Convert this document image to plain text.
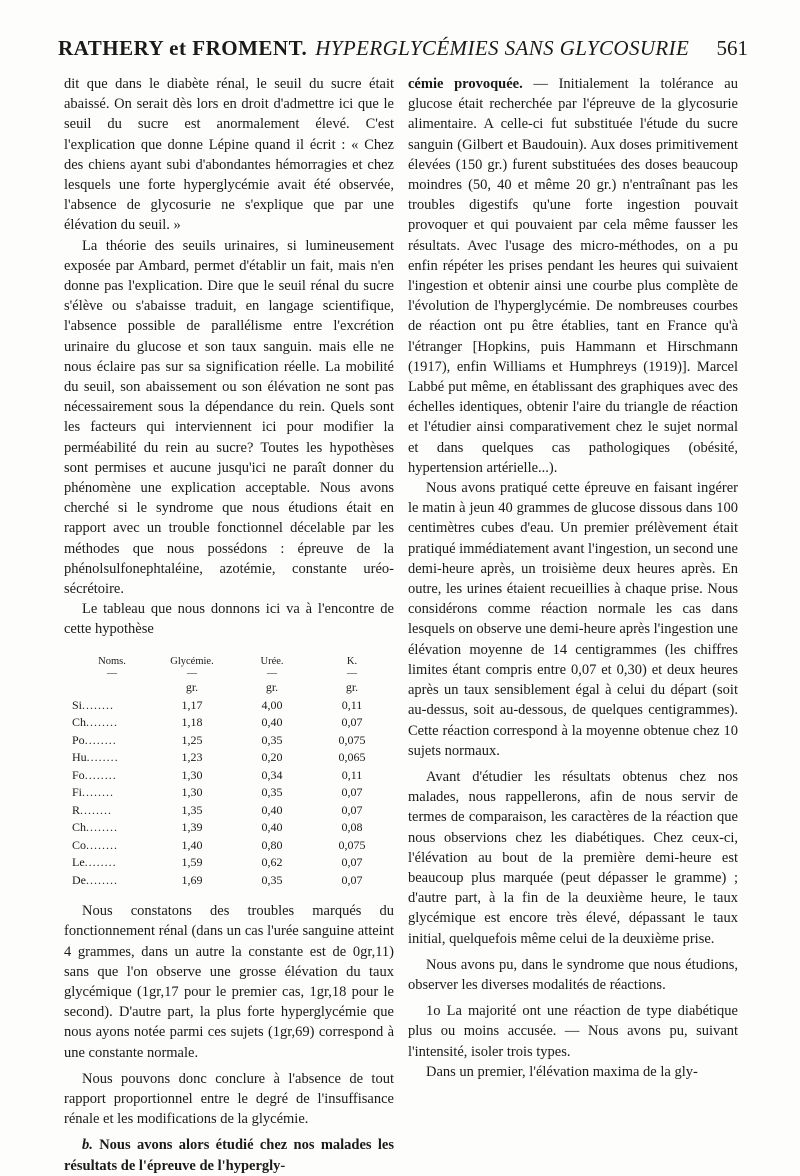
RATHERY et FROMENT. HYPERGLYCÉMIES SANS GLYCOSURIE 561

dit que dans le diabète rénal, le seuil du sucre était abaissé. On serait dès lors en droit d'admettre ici que le seuil du sucre est anormalement élevé. C'est l'explication que donne Lépine quand il écrit : « Chez des chiens ayant subi d'abondantes hémorragies et chez lesquels une forte hyperglycémie avait été observée, l'absence de glycosurie ne s'explique que par une élévation du seuil. »

La théorie des seuils urinaires, si lumineusement exposée par Ambard, permet d'établir un fait, mais n'en donne pas l'explication. Dire que le seuil rénal du sucre s'élève ou s'abaisse traduit, en langage scientifique, l'absence possible de parallélisme entre l'excrétion urinaire du glucose et son taux sanguin. mais elle ne nous éclaire pas sur sa signification réelle. La mobilité du seuil, son abaissement ou son élévation ne sont pas nécessairement sous la dépendance du rein. Quels sont les facteurs qui interviennent ici pour modifier la perméabilité du rein au sucre? Toutes les hypothèses sont permises et aucune jusqu'ici ne paraît donner du phénomène une explication acceptable. Nous avons cherché si le syndrome que nous étudions était en rapport avec un trouble fonctionnel décelable par les méthodes que nous possédons : épreuve de la phénolsulfonephtaléine, azotémie, constante uréo-sécrétoire.

Le tableau que nous donnons ici va à l'encontre de cette hypothèse

Noms.	Glycémie.	Urée.	K.
—	—	—	—
	gr.	gr.	gr.
Si........	1,17	4,00	0,11
Ch........	1,18	0,40	0,07
Po........	1,25	0,35	0,075
Hu........	1,23	0,20	0,065
Fo........	1,30	0,34	0,11
Fi........	1,30	0,35	0,07
R........	1,35	0,40	0,07
Ch........	1,39	0,40	0,08
Co........	1,40	0,80	0,075
Le........	1,59	0,62	0,07
De........	1,69	0,35	0,07

Nous constatons des troubles marqués du fonctionnement rénal (dans un cas l'urée sanguine atteint 4 grammes, dans un autre la constante est de 0gr,11) sans que l'on observe une grosse élévation du taux glycémique (1gr,17 pour le premier cas, 1gr,18 pour le second). D'autre part, la plus forte hyperglycémie que nous ayons notée parmi ces sujets (1gr,69) correspond à une constante normale.

Nous pouvons donc conclure à l'absence de tout rapport proportionnel entre le degré de l'insuffisance rénale et les modifications de la glycémie.

b. Nous avons alors étudié chez nos malades les résultats de l'épreuve de l'hypergly-

cémie provoquée. — Initialement la tolérance au glucose était recherchée par l'épreuve de la glycosurie alimentaire. A celle-ci fut substituée l'étude du sucre sanguin (Gilbert et Baudouin). Aux doses primitivement élevées (150 gr.) furent substituées des doses beaucoup moindres (50, 40 et même 20 gr.) n'entraînant pas les troubles digestifs qu'une forte ingestion pouvait provoquer et qui pouvaient par cela même fausser les résultats. Avec l'usage des micro-méthodes, on a pu enfin répéter les prises pendant les heures qui suivaient l'ingestion et obtenir ainsi une courbe plus complète de l'évolution de l'hyperglycémie. De nombreuses courbes de réaction ont pu être établies, tant en France qu'à l'étranger [Hopkins, puis Hammann et Hirschmann (1917), enfin Williams et Humphreys (1919)]. Marcel Labbé put même, en établissant des graphiques avec des échelles identiques, obtenir l'aire du triangle de réaction et l'étudier ainsi comparativement chez le sujet normal et dans quelques cas pathologiques (obésité, hypertension artérielle...).

Nous avons pratiqué cette épreuve en faisant ingérer le matin à jeun 40 grammes de glucose dissous dans 100 centimètres cubes d'eau. Un premier prélèvement était pratiqué immédiatement avant l'ingestion, un second une demi-heure après, un troisième deux heures après. En outre, les urines étaient recueillies à chaque prise. Nous considérons comme réaction normale les cas dans lesquels on observe une demi-heure après l'ingestion une élévation moyenne de 14 centigrammes (les chiffres limites étant compris entre 0,07 et 0,30) et deux heures après un taux sensiblement égal à celui du départ (soit au-dessus, soit au-dessous, de quelques centigrammes). Cette réaction correspond à la moyenne obtenue chez 10 sujets normaux.

Avant d'étudier les résultats obtenus chez nos malades, nous rappellerons, afin de nous servir de termes de comparaison, les caractères de la réaction que nous observions chez les diabétiques. Chez ceux-ci, l'élévation au bout de la première demi-heure est beaucoup plus marquée (peut dépasser le gramme) ; d'autre part, à la fin de la deuxième heure, le taux glycémique est encore très élevé, dépassant le taux initial, quelquefois même celui de la deuxième prise.

Nous avons pu, dans le syndrome que nous étudions, observer les diverses modalités de réactions.

1o La majorité ont une réaction de type diabétique plus ou moins accusée. — Nous avons pu, suivant l'intensité, isoler trois types.

Dans un premier, l'élévation maxima de la gly-
